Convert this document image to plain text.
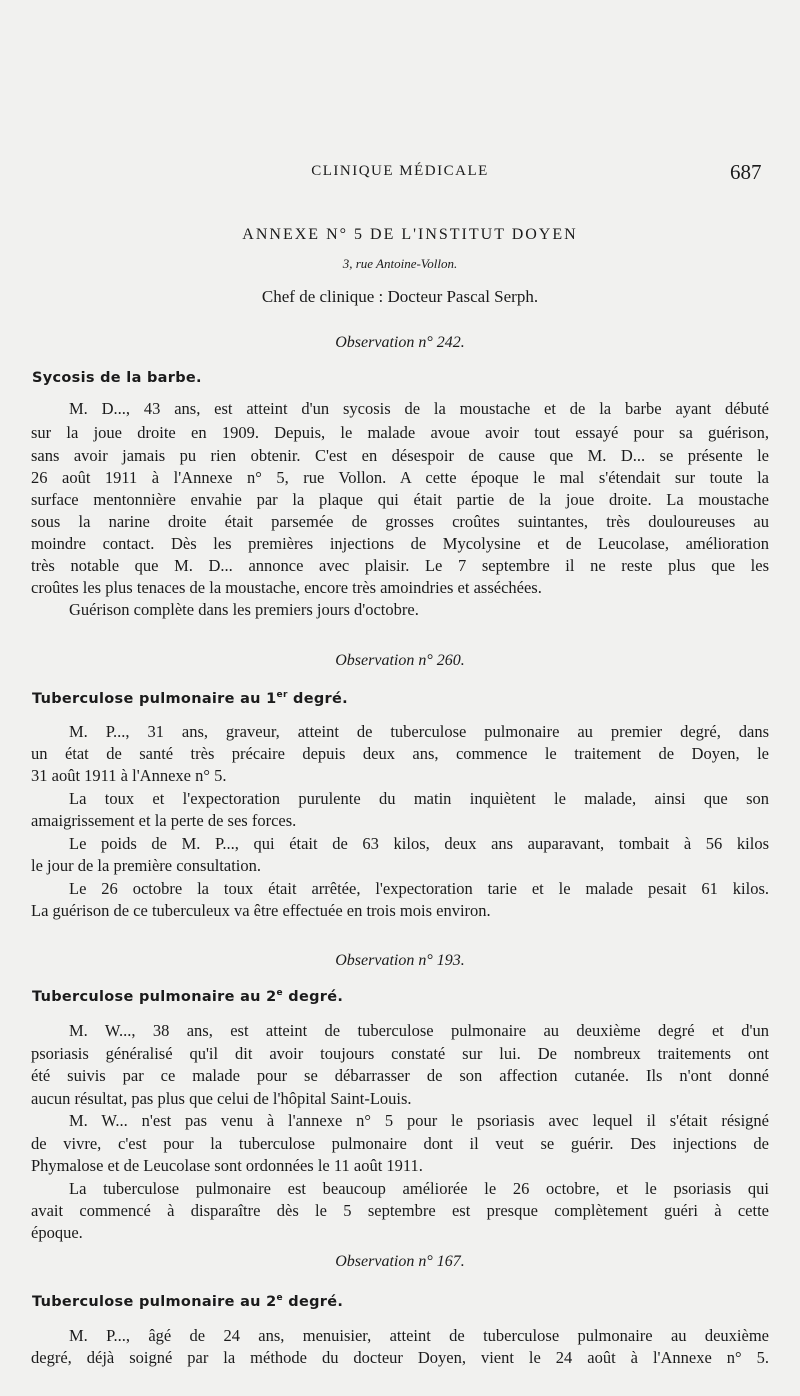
CLINIQUE MÉDICALE	687
ANNEXE N° 5 DE L'INSTITUT DOYEN
3, rue Antoine-Vollon.
Chef de clinique : Docteur Pascal Serph.
Observation n° 242.
Sycosis de la barbe.
M. D..., 43 ans, est atteint d'un sycosis de la moustache et de la barbe ayant débuté
sur la joue droite en 1909. Depuis, le malade avoue avoir tout essayé pour sa guérison,
sans avoir jamais pu rien obtenir. C'est en désespoir de cause que M. D... se présente le
26 août 1911 à l'Annexe n° 5, rue Vollon. A cette époque le mal s'étendait sur toute la
surface mentonnière envahie par la plaque qui était partie de la joue droite. La moustache
sous la narine droite était parsemée de grosses croûtes suintantes, très douloureuses au
moindre contact. Dès les premières injections de Mycolysine et de Leucolase, amélioration
très notable que M. D... annonce avec plaisir. Le 7 septembre il ne reste plus que les
croûtes les plus tenaces de la moustache, encore très amoindries et asséchées.
Guérison complète dans les premiers jours d'octobre.
Observation n° 260.
Tuberculose pulmonaire au 1er degré.
M. P..., 31 ans, graveur, atteint de tuberculose pulmonaire au premier degré, dans
un état de santé très précaire depuis deux ans, commence le traitement de Doyen, le
31 août 1911 à l'Annexe n° 5.
La toux et l'expectoration purulente du matin inquiètent le malade, ainsi que son
amaigrissement et la perte de ses forces.
Le poids de M. P..., qui était de 63 kilos, deux ans auparavant, tombait à 56 kilos
le jour de la première consultation.
Le 26 octobre la toux était arrêtée, l'expectoration tarie et le malade pesait 61 kilos.
La guérison de ce tuberculeux va être effectuée en trois mois environ.
Observation n° 193.
Tuberculose pulmonaire au 2e degré.
M. W..., 38 ans, est atteint de tuberculose pulmonaire au deuxième degré et d'un
psoriasis généralisé qu'il dit avoir toujours constaté sur lui. De nombreux traitements ont
été suivis par ce malade pour se débarrasser de son affection cutanée. Ils n'ont donné
aucun résultat, pas plus que celui de l'hôpital Saint-Louis.
M. W... n'est pas venu à l'annexe n° 5 pour le psoriasis avec lequel il s'était résigné
de vivre, c'est pour la tuberculose pulmonaire dont il veut se guérir. Des injections de
Phymalose et de Leucolase sont ordonnées le 11 août 1911.
La tuberculose pulmonaire est beaucoup améliorée le 26 octobre, et le psoriasis qui
avait commencé à disparaître dès le 5 septembre est presque complètement guéri à cette
époque.
Observation n° 167.
Tuberculose pulmonaire au 2e degré.
M. P..., âgé de 24 ans, menuisier, atteint de tuberculose pulmonaire au deuxième
degré, déjà soigné par la méthode du docteur Doyen, vient le 24 août à l'Annexe n° 5.
